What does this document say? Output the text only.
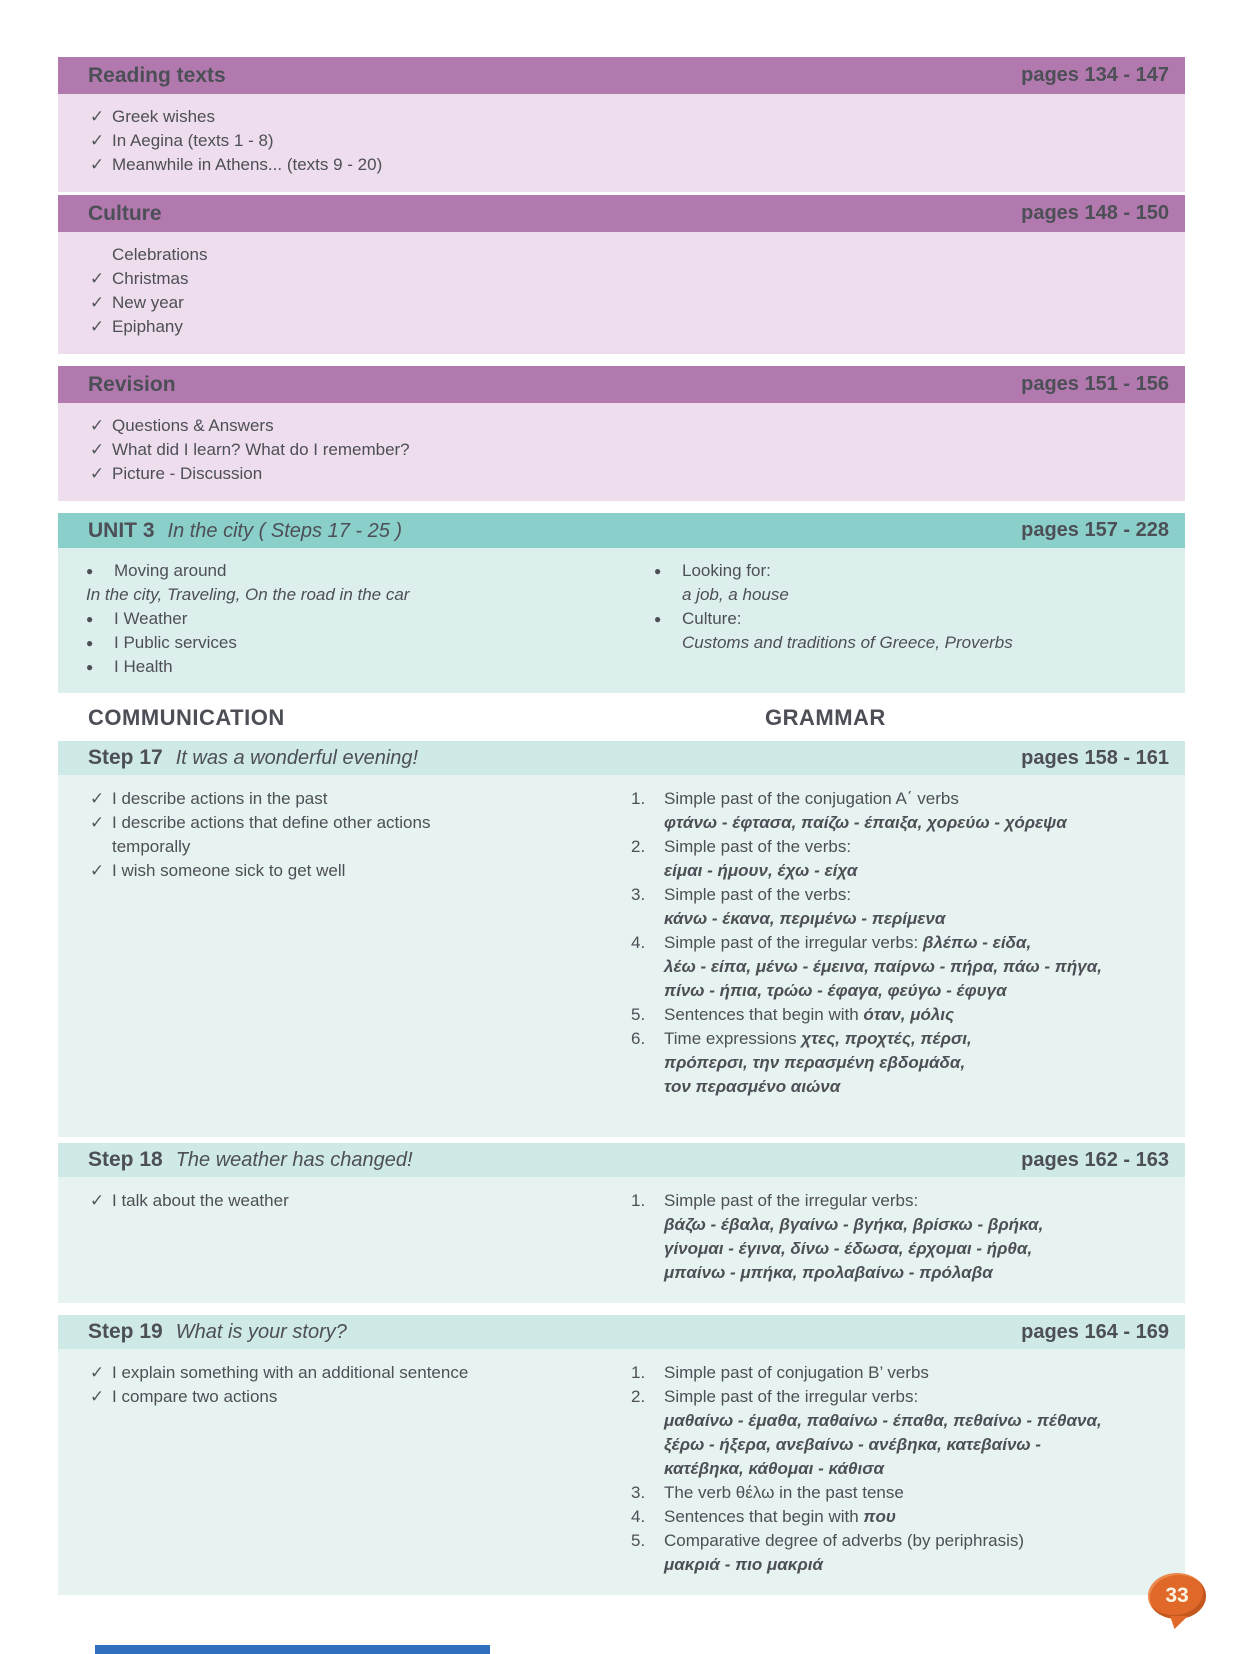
Reading texts	pages 134 - 147
✓ Greek wishes
✓ In Aegina (texts 1 - 8)
✓ Meanwhile in Athens... (texts 9 - 20)
Culture	pages 148 - 150
Celebrations
✓ Christmas
✓ New year
✓ Epiphany
Revision	pages 151 - 156
✓ Questions & Answers
✓ What did I learn? What do I remember?
✓ Picture - Discussion
UNIT 3 In the city ( Steps 17 - 25 )	pages 157 - 228
●	Moving around
In the city, Traveling, On the road in the car
●	I Weather
●	I Public services
●	I Health
●	Looking for:
a job, a house
●	Culture:
Customs and traditions of Greece, Proverbs
COMMUNICATION	GRAMMAR
Step 17 It was a wonderful evening!	pages 158 - 161
✓ I describe actions in the past
✓ I describe actions that define other actions
temporally
✓ I wish someone sick to get well
1.	Simple past of the conjugation A΄ verbs
φτάνω - έφτασα, παίζω - έπαιξα, χορεύω - χόρεψα
2.	Simple past of the verbs:
είμαι - ήμουν, έχω - είχα
3.	Simple past of the verbs:
κάνω - έκανα, περιμένω - περίμενα
4.	Simple past of the irregular verbs: βλέπω - είδα,
λέω - είπα, μένω - έμεινα, παίρνω - πήρα, πάω - πήγα,
πίνω - ήπια, τρώω - έφαγα, φεύγω - έφυγα
5.	Sentences that begin with όταν, μόλις
6.	Time expressions χτες, προχτές, πέρσι,
πρόπερσι, την περασμένη εβδομάδα,
τον περασμένο αιώνα
Step 18 The weather has changed!	pages 162 - 163
✓ I talk about the weather	1.	Simple past of the irregular verbs:
βάζω - έβαλα, βγαίνω - βγήκα, βρίσκω - βρήκα,
γίνομαι - έγινα, δίνω - έδωσα, έρχομαι - ήρθα,
μπαίνω - μπήκα, προλαβαίνω - πρόλαβα
Step 19 What is your story?	pages 164 - 169
✓ I explain something with an additional sentence
✓ I compare two actions
1.	Simple past of conjugation B’ verbs
2.	Simple past of the irregular verbs:
μαθαίνω - έμαθα, παθαίνω - έπαθα, πεθαίνω - πέθανα,
ξέρω - ήξερα, ανεβαίνω - ανέβηκα, κατεβαίνω -
κατέβηκα, κάθομαι - κάθισα
3.	The verb θέλω in the past tense
4.	Sentences that begin with που
5.	Comparative degree of adverbs (by periphrasis)
μακριά - πιο μακριά
33
